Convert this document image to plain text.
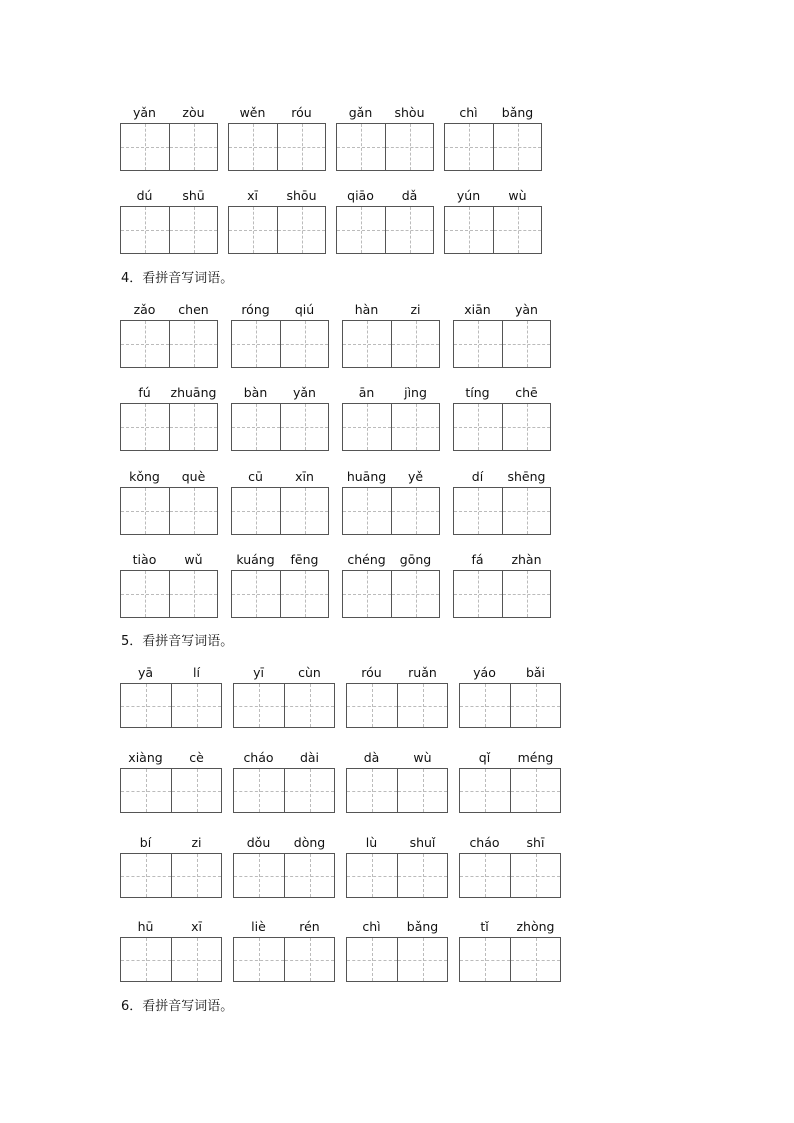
yǎn	zòu	wěn	róu	gǎn	shòu	chì	bǎng
dú	shū	xī	shōu	qiāo	dǎ	yún	wù
4．看拼音写词语。
zǎo	chen	róng	qiú	hàn	zi	xiān	yàn
fú	zhuāng	bàn	yǎn	ān	jìng	tíng	chē
kǒng	què	cū	xīn	huāng	yě	dí	shēng
tiào	wǔ	kuáng	fēng	chéng	gōng	fá	zhàn
5．看拼音写词语。
yā	lí	yī	cùn	róu	ruǎn	yáo	bǎi
xiàng	cè	cháo	dài	dà	wù	qǐ	méng
bí	zi	dǒu	dòng	lù	shuǐ	cháo	shī
hū	xī	liè	rén	chì	bǎng	tǐ	zhòng
6．看拼音写词语。
